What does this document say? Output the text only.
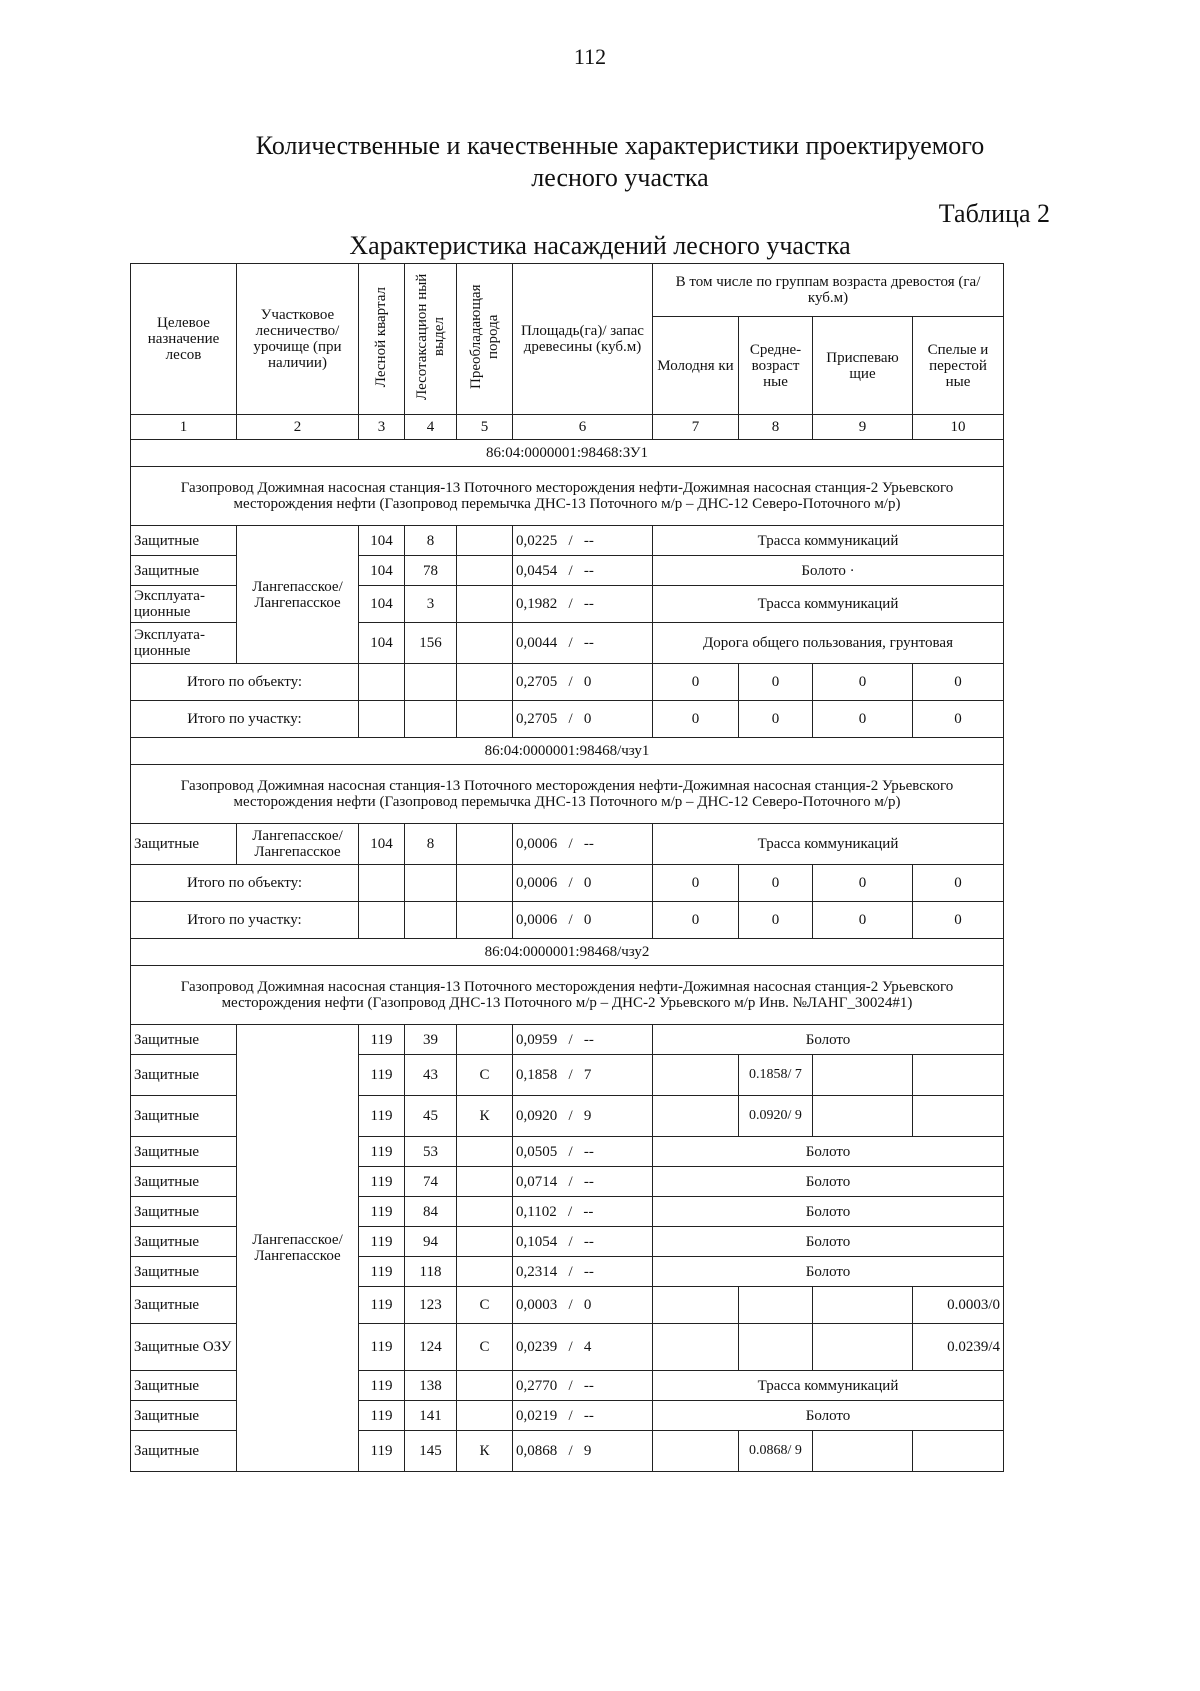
112
Количественные и качественные характеристики проектируемого
лесного участка
Таблица 2
Характеристика насаждений лесного участка
Целевое назначение лесов	Участковое лесничество/ урочище (при наличии)	Лесной квартал	Лесотаксацион ный выдел	Преобладающая порода	Площадь(га)/ запас древесины (куб.м)	В том числе по группам возраста древостоя (га/куб.м)			
						Молодня ки	Средне-возраст ные	Приспеваю щие	Спелые и перестой ные
1	2	3	4	5	6	7	8	9	10
86:04:0000001:98468:ЗУ1									
Газопровод Дожимная насосная станция-13 Поточного месторождения нефти-Дожимная насосная станция-2 Урьевского месторождения нефти (Газопровод перемычка ДНС-13 Поточного м/р – ДНС-12 Северо-Поточного м/р)									
Защитные	Лангепасское/ Лангепасское	104	8		0,0225   /   --	Трасса коммуникаций			
Защитные		104	78		0,0454   /   --	Болото ·			
Эксплуата-ционные		104	3		0,1982   /   --	Трасса коммуникаций			
Эксплуата-ционные		104	156		0,0044   /   --	Дорога общего пользования, грунтовая			
Итого по объекту:					0,2705   /   0	0	0	0	0
Итого по участку:					0,2705   /   0	0	0	0	0
86:04:0000001:98468/чзу1									
Газопровод Дожимная насосная станция-13 Поточного месторождения нефти-Дожимная насосная станция-2 Урьевского месторождения нефти (Газопровод перемычка ДНС-13 Поточного м/р – ДНС-12 Северо-Поточного м/р)									
Защитные	Лангепасское/ Лангепасское	104	8		0,0006   /   --	Трасса коммуникаций			
Итого по объекту:					0,0006   /   0	0	0	0	0
Итого по участку:					0,0006   /   0	0	0	0	0
86:04:0000001:98468/чзу2									
Газопровод Дожимная насосная станция-13 Поточного месторождения нефти-Дожимная насосная станция-2 Урьевского месторождения нефти (Газопровод ДНС-13 Поточного м/р – ДНС-2 Урьевского м/р Инв. №ЛАНГ_30024#1)									
Защитные	Лангепасское/ Лангепасское	119	39		0,0959   /   --	Болото			
Защитные		119	43	С	0,1858   /   7		0.1858/ 7		
Защитные		119	45	К	0,0920   /   9		0.0920/ 9		
Защитные		119	53		0,0505   /   --	Болото			
Защитные		119	74		0,0714   /   --	Болото			
Защитные		119	84		0,1102   /   --	Болото			
Защитные		119	94		0,1054   /   --	Болото			
Защитные		119	118		0,2314   /   --	Болото			
Защитные		119	123	С	0,0003   /   0				0.0003/0
Защитные ОЗУ		119	124	С	0,0239   /   4				0.0239/4
Защитные		119	138		0,2770   /   --	Трасса коммуникаций			
Защитные		119	141		0,0219   /   --	Болото			
Защитные		119	145	К	0,0868   /   9		0.0868/ 9		
